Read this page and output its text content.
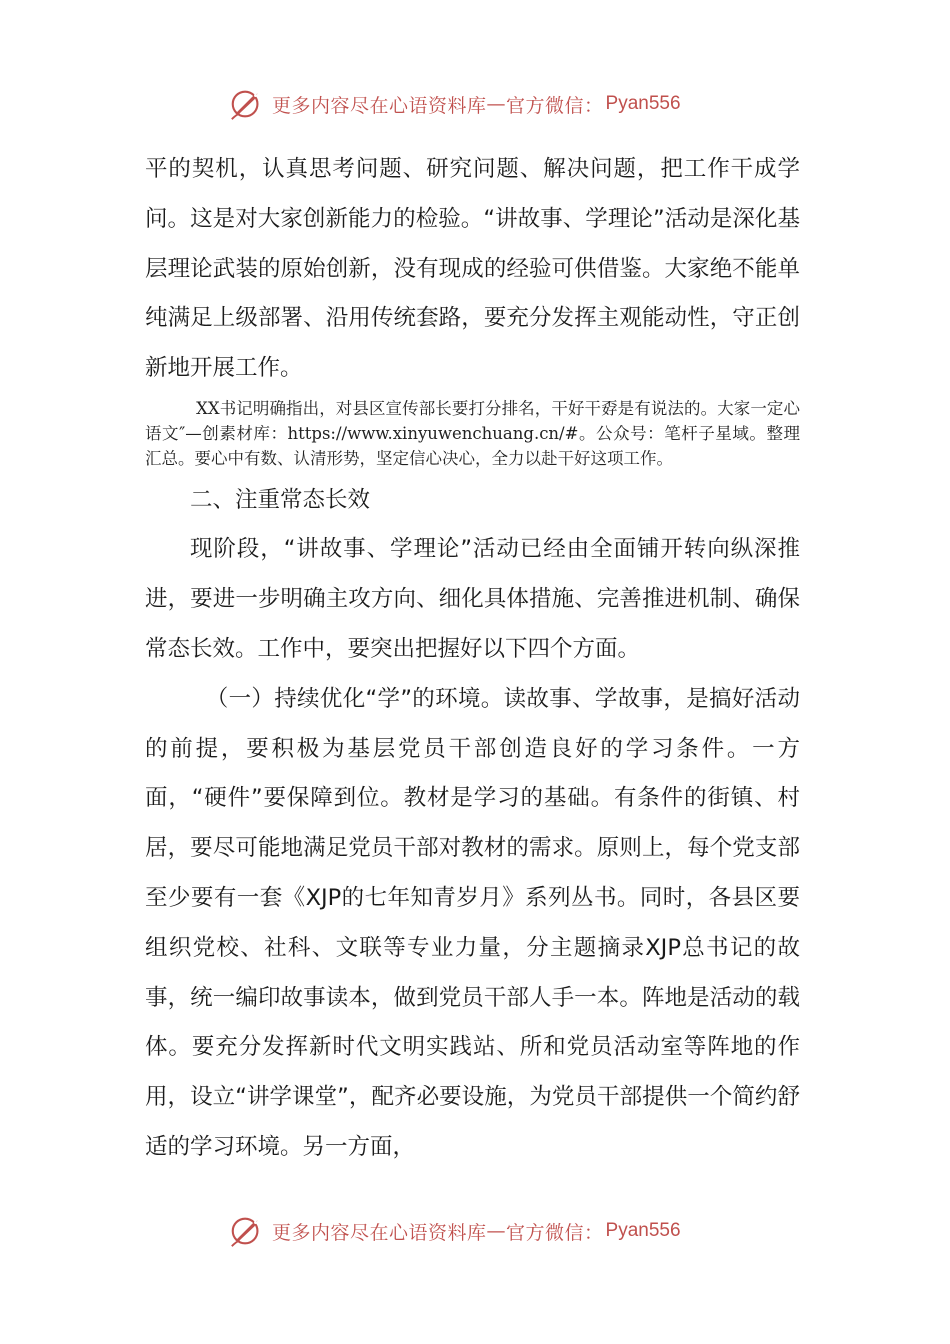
更多内容尽在心语资料库 — 官方微信： Pyan556

平的契机，认真思考问题、研究问题、解决问题，把工作干成学问。这是对大家创新能力的检验。“讲故事、学理论”活动是深化基层理论武装的原始创新，没有现成的经验可供借鉴。大家绝不能单纯满足上级部署、沿用传统套路，要充分发挥主观能动性，守正创新地开展工作。

XX书记明确指出，对县区宣传部长要打分排名，干好干孬是有说法的。大家一定心语文″—创素材库：https://www.xinyuwenchuang.cn/#。公众号：笔杆子星域。整理汇总。要心中有数、认清形势，坚定信心决心，全力以赴干好这项工作。

二、注重常态长效

现阶段，“讲故事、学理论”活动已经由全面铺开转向纵深推进，要进一步明确主攻方向、细化具体措施、完善推进机制、确保常态长效。工作中，要突出把握好以下四个方面。

（一）持续优化“学”的环境。读故事、学故事，是搞好活动的前提，要积极为基层党员干部创造良好的学习条件。一方面，“硬件”要保障到位。教材是学习的基础。有条件的街镇、村居，要尽可能地满足党员干部对教材的需求。原则上，每个党支部至少要有一套《XJP的七年知青岁月》系列丛书。同时，各县区要组织党校、社科、文联等专业力量，分主题摘录XJP总书记的故事，统一编印故事读本，做到党员干部人手一本。阵地是活动的载体。要充分发挥新时代文明实践站、所和党员活动室等阵地的作用，设立“讲学课堂”，配齐必要设施，为党员干部提供一个简约舒适的学习环境。另一方面，

更多内容尽在心语资料库 — 官方微信： Pyan556
